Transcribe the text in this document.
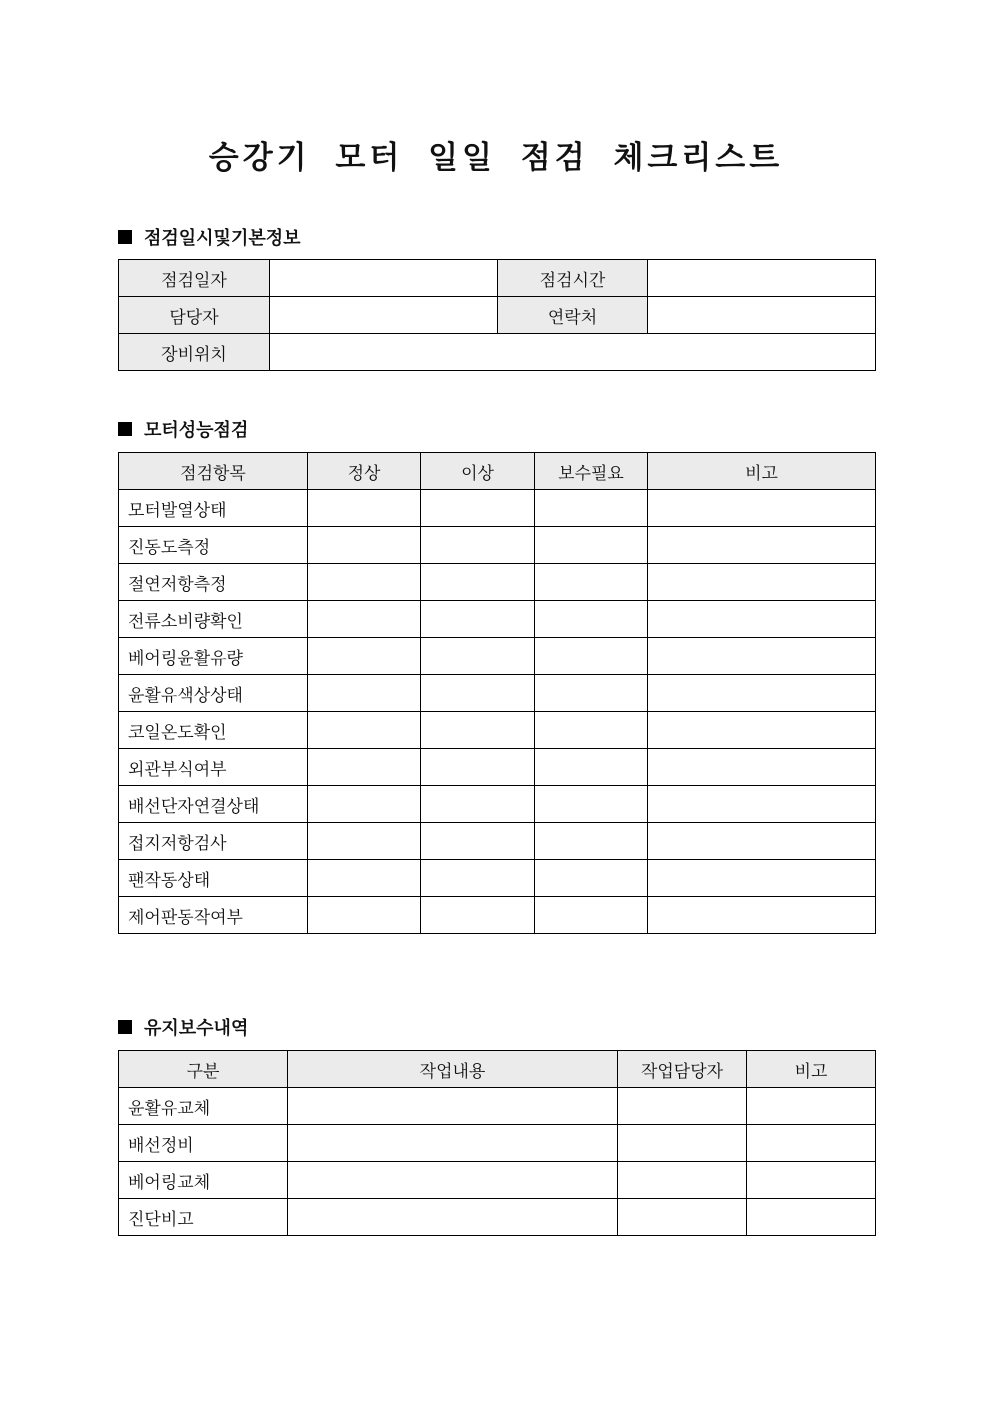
승강기 모터 일일 점검 체크리스트
점검일시및기본정보
점검일자		점검시간	
담당자		연락처	
장비위치			
모터성능점검
점검항목	정상	이상	보수필요	비고
모터발열상태				
진동도측정				
절연저항측정				
전류소비량확인				
베어링윤활유량				
윤활유색상상태				
코일온도확인				
외관부식여부				
배선단자연결상태				
접지저항검사				
팬작동상태				
제어판동작여부				
유지보수내역
구분	작업내용	작업담당자	비고
윤활유교체			
배선정비			
베어링교체			
진단비고			
